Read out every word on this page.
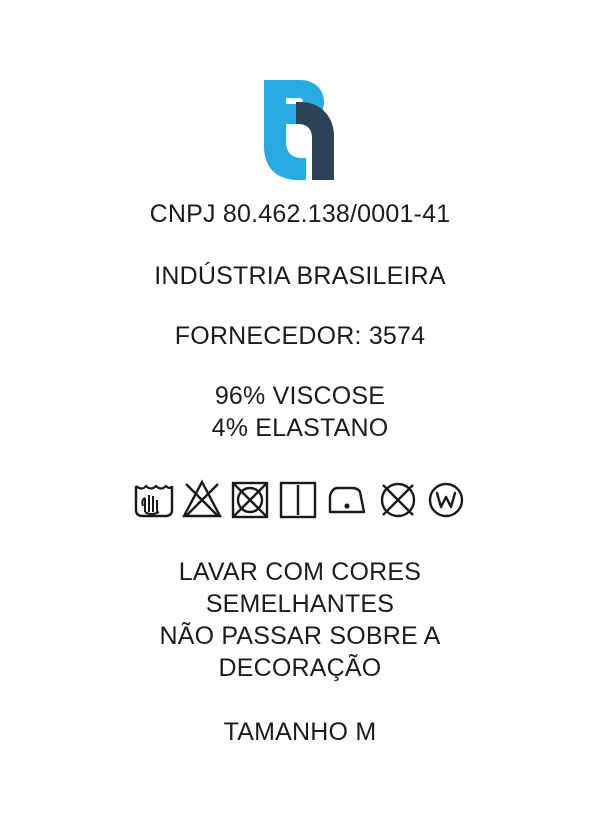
CNPJ 80.462.138/0001-41
INDÚSTRIA BRASILEIRA
FORNECEDOR: 3574
96% VISCOSE
4% ELASTANO
LAVAR COM CORES
SEMELHANTES
NÃO PASSAR SOBRE A
DECORAÇÃO
TAMANHO M
